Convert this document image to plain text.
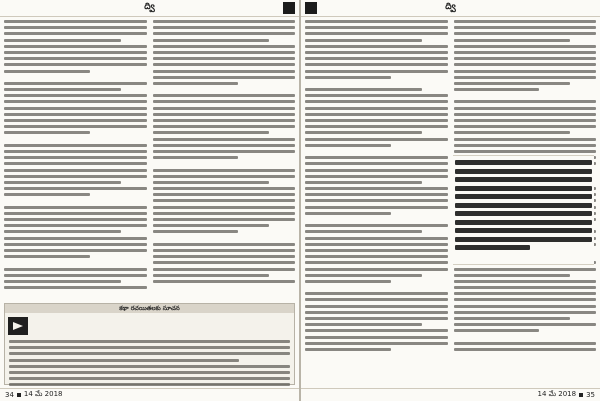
ద్వి
కథా రచయితలకు సూచన
34 14 మే 2018
ద్వి
14 మే 2018 35
